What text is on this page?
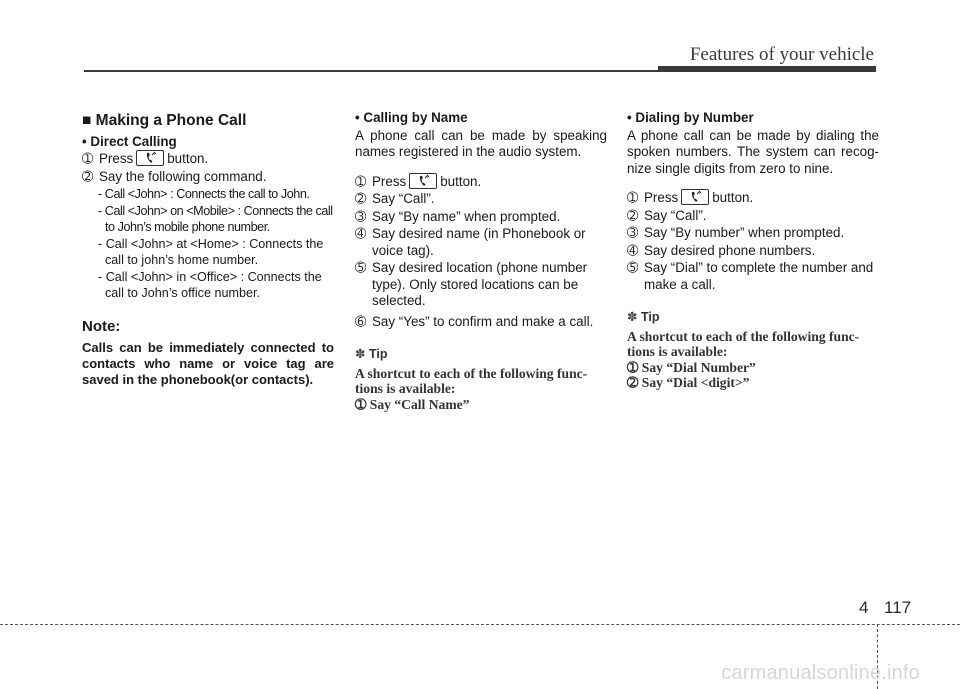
Features of your vehicle
■ Making a Phone Call
• Direct Calling
➀ Press	button.
➁ Say the following command.
- Call <John> : Connects the call to John.
- Call <John> on <Mobile> : Connects the call to John’s mobile phone number.
- Call <John> at <Home> : Connects the call to john’s home number.
- Call <John> in <Office> : Connects the call to John’s office number.
Note:
Calls can be immediately connected to contacts who name or voice tag are saved in the phonebook(or contacts).
• Calling by Name

A phone call can be made by speaking names registered in the audio system.

➀ Press	button.
➁ Say “Call”.
➂ Say “By name” when prompted.
➃ Say desired name (in Phonebook or voice tag).
➄ Say desired location (phone number type). Only stored locations can be selected.
➅ Say “Yes” to confirm and make a call.
✽ Tip

A shortcut to each of the following func-tions is available:

➀ Say “Call Name”

• Dialing by Number

A phone call can be made by dialing the spoken numbers. The system can recog-nize single digits from zero to nine.

➀ Press	button.
➁ Say “Call”.
➂ Say “By number” when prompted.
➃ Say desired phone numbers.
➄ Say “Dial” to complete the number and make a call.
✽ Tip

A shortcut to each of the following func-tions is available:

➀ Say “Dial Number”

➁ Say “Dial <digit>”

4 117
carmanualsonline.info
